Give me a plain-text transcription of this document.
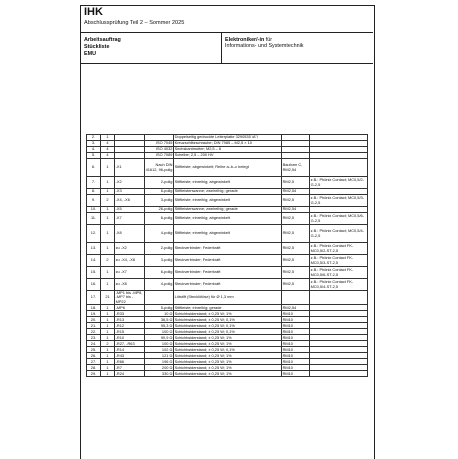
IHK
Abschlussprüfung Teil 2 – Sommer 2025
Arbeitsauftrag
Stückliste
EMU
Elektroniker/-in für
Informations- und Systemtechnik
2.	1			Doppelseitig gedruckte Leiterplatte 3290535 \A"\		
3.	4		ISO 7045	Kreuzschlitzschraube; DIN 7985 – M2,5 × 10		
4.	4		ISO 4032	Sechskantmutter; M2,5 – 6		
5.	4		ISO 7089	Scheibe; 2,5 – 200 HV		
6.	1	-X1	Nach DIN 41612, 96-polig	Stiftleiste; abgewinkelt; Reihe a–b–c belegt	Bauform C, RM2,54	
7.	1	-X2	2-polig	Stiftleiste; einreihig; abgewinkelt	RM2,5	z.B.: Phönix Contact; MC0,5/2-G-2,5
8.	1	-X3	6-polig	Stiftleistenwanne; zweireihig; gerade	RM2,54	
9.	2	-X4, -X6	3-polig	Stiftleiste; einreihig; abgewinkelt	RM2,5	z.B.: Phönix Contact; MC0,5/3-G-2,5
10.	1	-X5	26-polig	Stiftleistenwanne; zweireihig; gerade	RM2,54	
11.	1	-X7	6-polig	Stiftleiste; einreihig; abgewinkelt	RM2,5	z.B.: Phönix Contact; MC0,5/6-G-2,5
12.	1	-X8	4-polig	Stiftleiste; einreihig; abgewinkelt	RM2,5	z.B.: Phönix Contact; MC0,5/4-G-2,5
13.	1	zu -X2	2-polig	Steckverbinder; Federkraft	RM2,5	z.B.: Phönix Contact FK-MC0,5/2-ST-2,5
14.	2	zu -X4, -X6	3-polig	Steckverbinder; Federkraft	RM2,5	z.B.: Phönix Contact FK-MC0,5/3-ST-2,5
15.	1	zu -X7	6-polig	Steckverbinder; Federkraft	RM2,5	z.B.: Phönix Contact FK-MC0,5/6-ST-2,5
16.	1	zu -X8	4-polig	Steckverbinder; Federkraft	RM2,5	z.B.: Phönix Contact FK-MC0,5/4-ST-2,5
17.	21	-MP1 bis -MP8, -MP7 bis -MP22		Lötstift (Stecklötöse) für Ø 1,3 mm		
18.	1	-MP6	5-polig	Stiftleiste; einreihig; gerade	RM2,54	
19.	1	-R33	10 Ω	Schichtwiderstand; ± 0,25 W; 1%	RM10	
20.	1	-R13	36,5 Ω	Schichtwiderstand; ± 0,25 W; 0,1%	RM10	
21.	1	-R12	95,3 Ω	Schichtwiderstand; ± 0,25 W; 0,1%	RM10	
22.	1	-R15	100 Ω	Schichtwiderstand; ± 0,25 W; 0,1%	RM10	
23.	1	-R10	90,9 Ω	Schichtwiderstand; ± 0,25 W; 1%	RM10	
24.	2	-R27, -R63	100 Ω	Schichtwiderstand; ± 0,25 W; 1%	RM10	
25.	1	-R14	102 Ω	Schichtwiderstand; ± 0,25 W; 0,1%	RM10	
26.	1	-R43	121 Ω	Schichtwiderstand; ± 0,25 W; 1%	RM10	
27.	1	-R66	196 Ω	Schichtwiderstand; ± 0,25 W; 1%	RM10	
28.	1	-R7	200 Ω	Schichtwiderstand; ± 0,25 W; 1%	RM10	
29.	1	-R24	330 Ω	Schichtwiderstand; ± 0,25 W; 1%	RM10	
